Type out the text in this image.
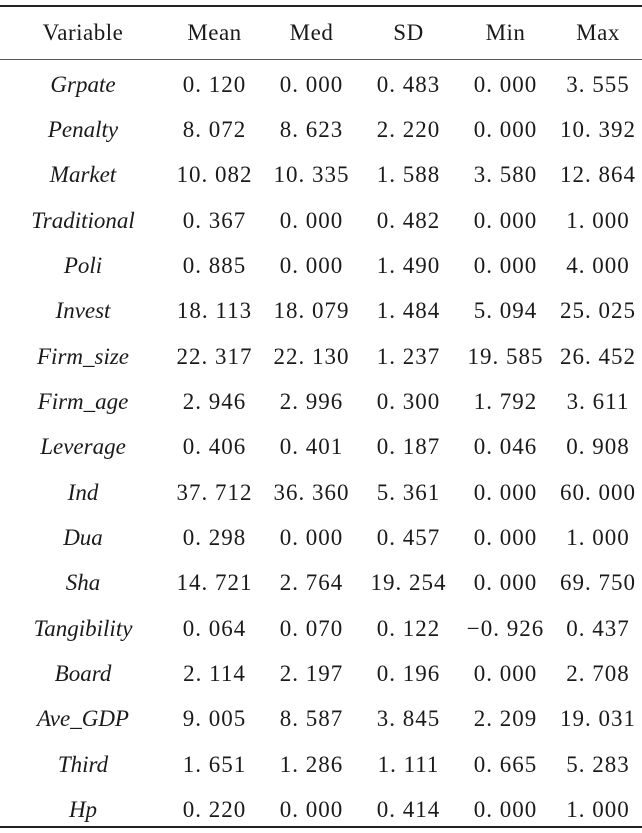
Variable	Mean	Med	SD	Min	Max
Grpate	0. 120	0. 000	0. 483	0. 000	3. 555
Penalty	8. 072	8. 623	2. 220	0. 000	10. 392
Market	10. 082	10. 335	1. 588	3. 580	12. 864
Traditional	0. 367	0. 000	0. 482	0. 000	1. 000
Poli	0. 885	0. 000	1. 490	0. 000	4. 000
Invest	18. 113	18. 079	1. 484	5. 094	25. 025
Firm_size	22. 317	22. 130	1. 237	19. 585	26. 452
Firm_age	2. 946	2. 996	0. 300	1. 792	3. 611
Leverage	0. 406	0. 401	0. 187	0. 046	0. 908
Ind	37. 712	36. 360	5. 361	0. 000	60. 000
Dua	0. 298	0. 000	0. 457	0. 000	1. 000
Sha	14. 721	2. 764	19. 254	0. 000	69. 750
Tangibility	0. 064	0. 070	0. 122	−0. 926	0. 437
Board	2. 114	2. 197	0. 196	0. 000	2. 708
Ave_GDP	9. 005	8. 587	3. 845	2. 209	19. 031
Third	1. 651	1. 286	1. 111	0. 665	5. 283
Hp	0. 220	0. 000	0. 414	0. 000	1. 000
